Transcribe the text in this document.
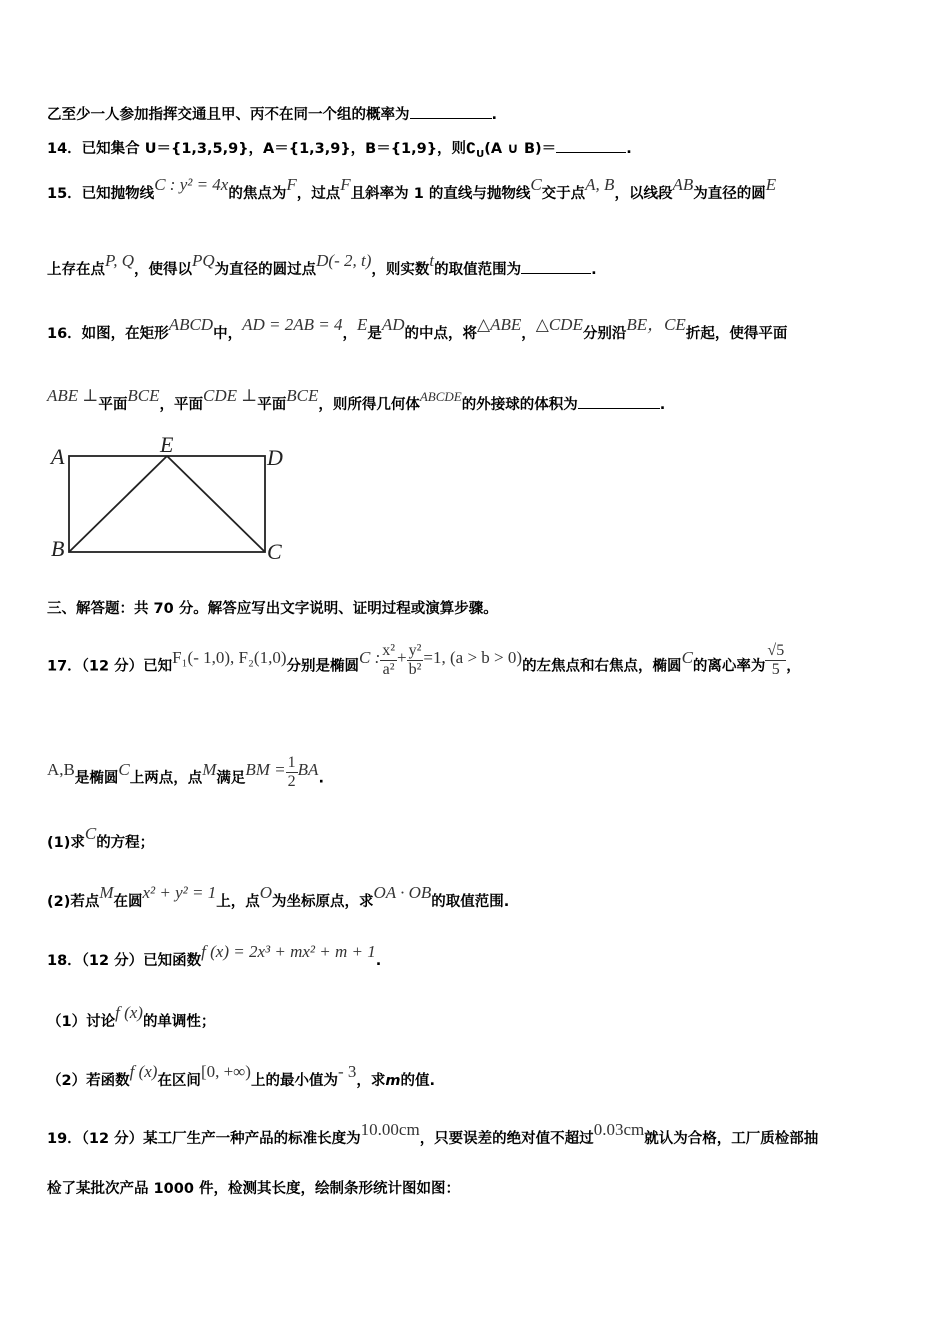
乙至少一人参加指挥交通且甲、丙不在同一个组的概率为	.
14．已知集合 U＝{1,3,5,9}，A＝{1,3,9}，B＝{1,9}，则$∁_U(A$ ∪ B)＝	.
15．已知抛物线C : y² = 4x的焦点为F，过点F且斜率为 1 的直线与抛物线C交于点A, B，以线段AB为直径的圆E
上存在点P, Q，使得以PQ为直径的圆过点D(- 2, t)，则实数t的取值范围为	.
16．如图，在矩形ABCD中，AD = 2AB = 4，E是AD的中点，将△ABE，△CDE分别沿BE，CE折起，使得平面
ABE ⊥平面BCE，平面CDE ⊥平面BCE，则所得几何体ABCDE的外接球的体积为	.
A	E
D
B	C
三、解答题：共 70 分。解答应写出文字说明、证明过程或演算步骤。
17．（12 分）已知F₁(- 1,0), F₂(1,0)分别是椭圆C : $\frac{\text{x²}}{\text{a²}} + \frac{\text{y²}}{\text{b²}} =1$, (a > b > 0)的左焦点和右焦点，椭圆C的离心率为 $\frac{√5}{5}$ ，
A,B是椭圆C上两点，点M满足BM = $\frac{1}{2}$ BA.
(1)求C的方程；
(2)若点M在圆x² + y² = 1上，点O为坐标原点，求OA · OB的取值范围.
18．（12 分）已知函数f (x) = 2x³ + mx² + m + 1.
（1）讨论f (x)的单调性；
（2）若函数f (x)在区间[0, +∞)上的最小值为- 3，求m的值.
19．（12 分）某工厂生产一种产品的标准长度为10.00cm，只要误差的绝对值不超过0.03cm就认为合格，工厂质检部抽
检了某批次产品 1000 件，检测其长度，绘制条形统计图如图：
